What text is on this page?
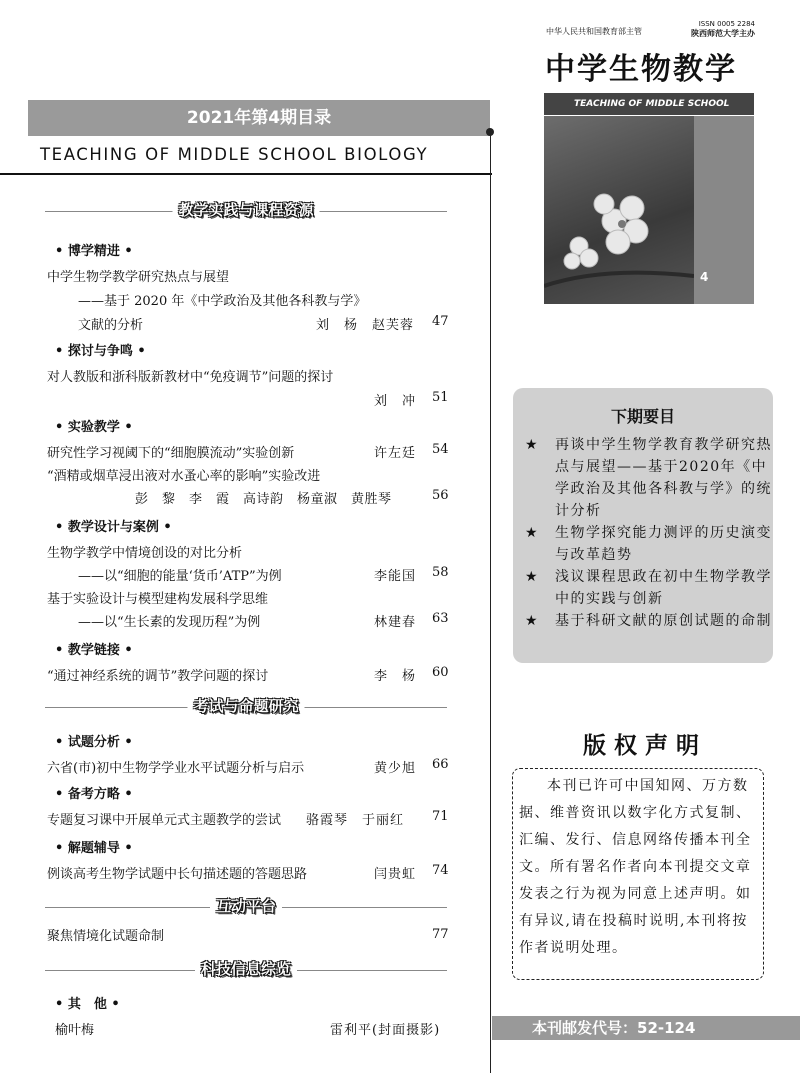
2021年第4期目录
TEACHING OF MIDDLE SCHOOL BIOLOGY
教学实践与课程资源
• 博学精进 •
中学生物学教学研究热点与展望
——基于 2020 年《中学政治及其他各科教与学》
文献的分析	刘　杨　赵芙蓉 47
• 探讨与争鸣 •
对人教版和浙科版新教材中“免疫调节”问题的探讨
刘　冲 51
• 实验教学 •
研究性学习视阈下的“细胞膜流动”实验创新	许左廷 54
“酒精或烟草浸出液对水蚤心率的影响”实验改进
彭　黎　李　霞　高诗韵　杨童淑　黄胜琴	56
• 教学设计与案例 •
生物学教学中情境创设的对比分析
——以“细胞的能量‘货币’ATP”为例	李能国 58
基于实验设计与模型建构发展科学思维
——以“生长素的发现历程”为例	林建春 63
• 教学链接 •
“通过神经系统的调节”教学问题的探讨	李　杨 60
考试与命题研究
• 试题分析 •
六省(市)初中生物学学业水平试题分析与启示	黄少旭 66
• 备考方略 •
专题复习课中开展单元式主题教学的尝试 骆霞琴　于丽红 71
• 解题辅导 •
例谈高考生物学试题中长句描述题的答题思路	闫贵虹 74
互动平台
聚焦情境化试题命制	77
科技信息综览
• 其　他 •
榆叶梅	雷利平(封面摄影)
中华人民共和国教育部主管
ISSN 0005 2284
陕西师范大学主办
中学生物教学
TEACHING OF MIDDLE SCHOOL
4
下期要目
★ 再谈中学生物学教育教学研究热点与展望——基于2020年《中学政治及其他各科教与学》的统计分析
★ 生物学探究能力测评的历史演变与改革趋势
★ 浅议课程思政在初中生物学教学中的实践与创新
★ 基于科研文献的原创试题的命制
版权声明
本刊已许可中国知网、万方数据、维普资讯以数字化方式复制、汇编、发行、信息网络传播本刊全文。所有署名作者向本刊提交文章发表之行为视为同意上述声明。如有异议,请在投稿时说明,本刊将按作者说明处理。
本刊邮发代号：52-124
